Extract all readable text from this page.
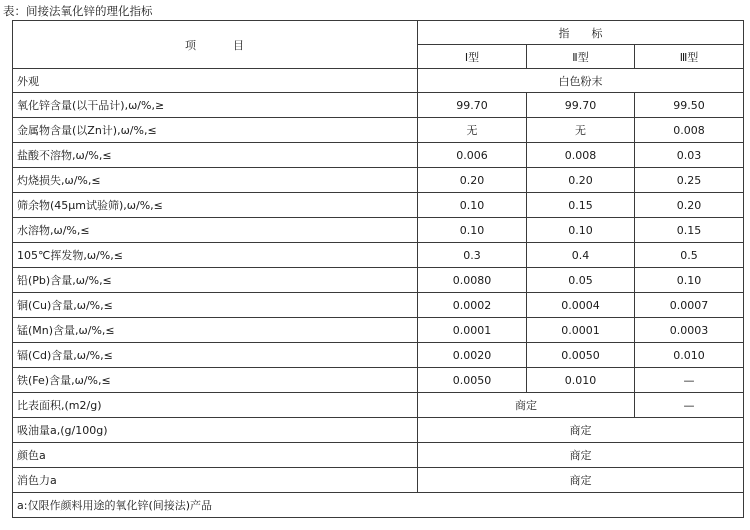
表：间接法氧化锌的理化指标
项　　　目	指　　标		
	Ⅰ型	Ⅱ型	Ⅲ型
外观	白色粉末		
氧化锌含量(以干品计),ω/%,≥	99.70	99.70	99.50
金属物含量(以Zn计),ω/%,≤	无	无	0.008
盐酸不溶物,ω/%,≤	0.006	0.008	0.03
灼烧损失,ω/%,≤	0.20	0.20	0.25
筛余物(45μm试验筛),ω/%,≤	0.10	0.15	0.20
水溶物,ω/%,≤	0.10	0.10	0.15
105℃挥发物,ω/%,≤	0.3	0.4	0.5
铅(Pb)含量,ω/%,≤	0.0080	0.05	0.10
铜(Cu)含量,ω/%,≤	0.0002	0.0004	0.0007
锰(Mn)含量,ω/%,≤	0.0001	0.0001	0.0003
镉(Cd)含量,ω/%,≤	0.0020	0.0050	0.010
铁(Fe)含量,ω/%,≤	0.0050	0.010	—
比表面积,(m2/g)	商定		—
吸油量a,(g/100g)	商定		
颜色a	商定		
消色力a	商定		
a:仅限作颜料用途的氧化锌(间接法)产品			
